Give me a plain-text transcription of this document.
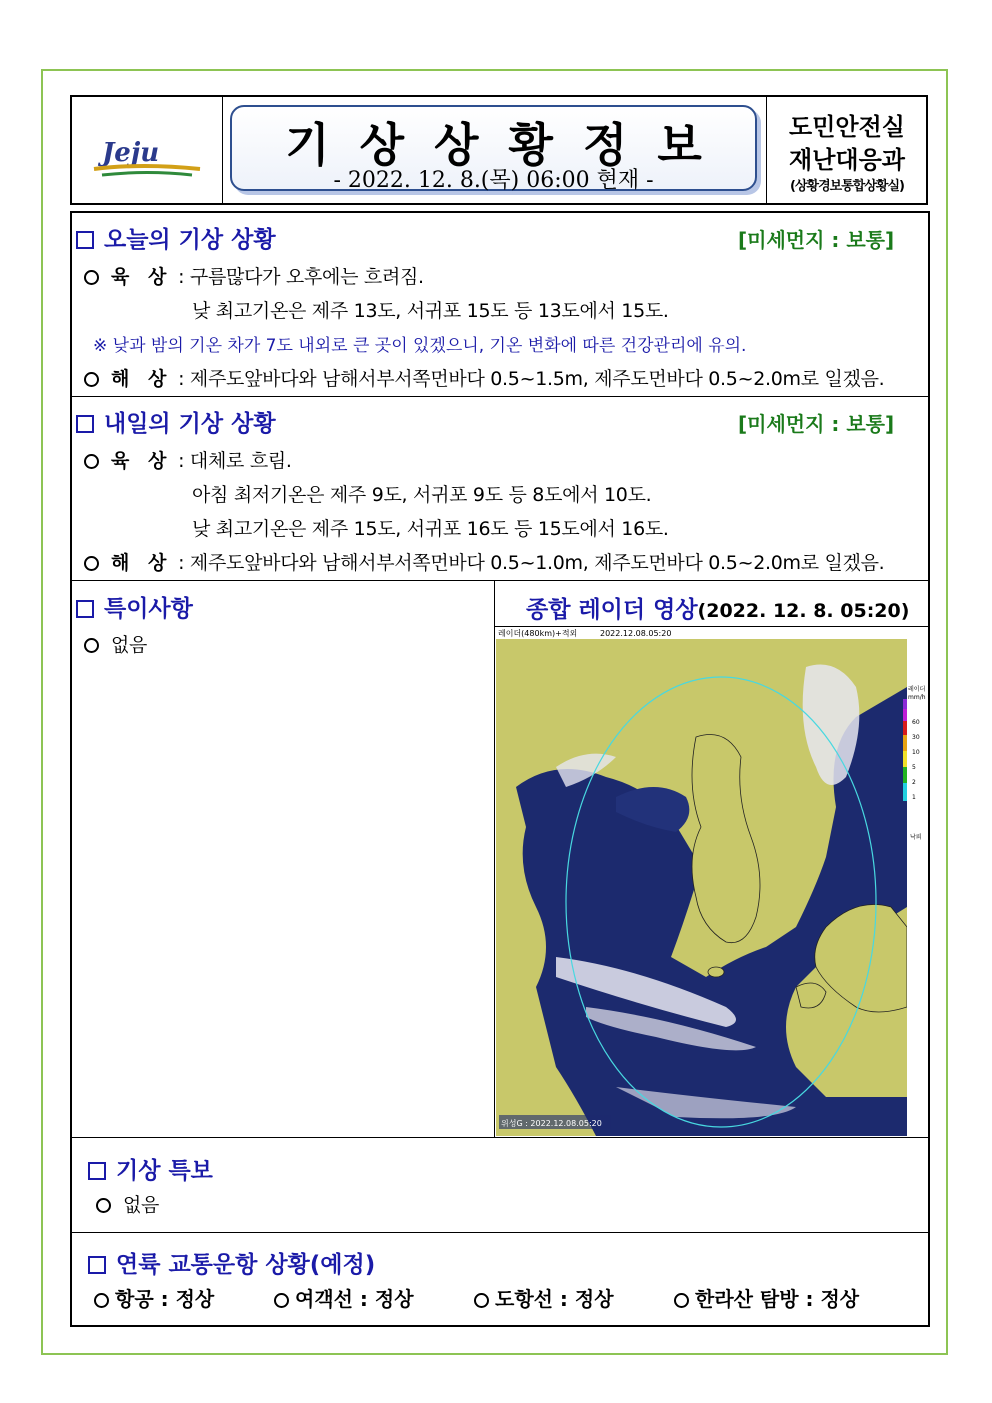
Jeju	기상상황정보
- 2022. 12. 8.(목) 06:00 현재 -
도민안전실
재난대응과
(상황경보통합상황실)
오늘의 기상 상황	[미세먼지 : 보통]
육 상 : 구름많다가 오후에는 흐려짐.
낮 최고기온은 제주 13도, 서귀포 15도 등 13도에서 15도.
※ 낮과 밤의 기온 차가 7도 내외로 큰 곳이 있겠으니, 기온 변화에 따른 건강관리에 유의.
해 상 : 제주도앞바다와 남해서부서쪽먼바다 0.5~1.5m, 제주도먼바다 0.5~2.0m로 일겠음.
내일의 기상 상황	[미세먼지 : 보통]
육 상 : 대체로 흐림.
아침 최저기온은 제주 9도, 서귀포 9도 등 8도에서 10도.
낮 최고기온은 제주 15도, 서귀포 16도 등 15도에서 16도.
해 상 : 제주도앞바다와 남해서부서쪽먼바다 0.5~1.0m, 제주도먼바다 0.5~2.0m로 일겠음.
특이사항
없음
종합 레이더 영상(2022. 12. 8. 05:20)
레이더(480km)+적외	2022.12.08.05:20
위성G : 2022.12.08.05:20
레이더
mm/h
60
30
10
5
2
1
낙뢰
기상 특보
없음
연륙 교통운항 상황(예정)
항공 : 정상	여객선 : 정상	도항선 : 정상	한라산 탐방 : 정상
